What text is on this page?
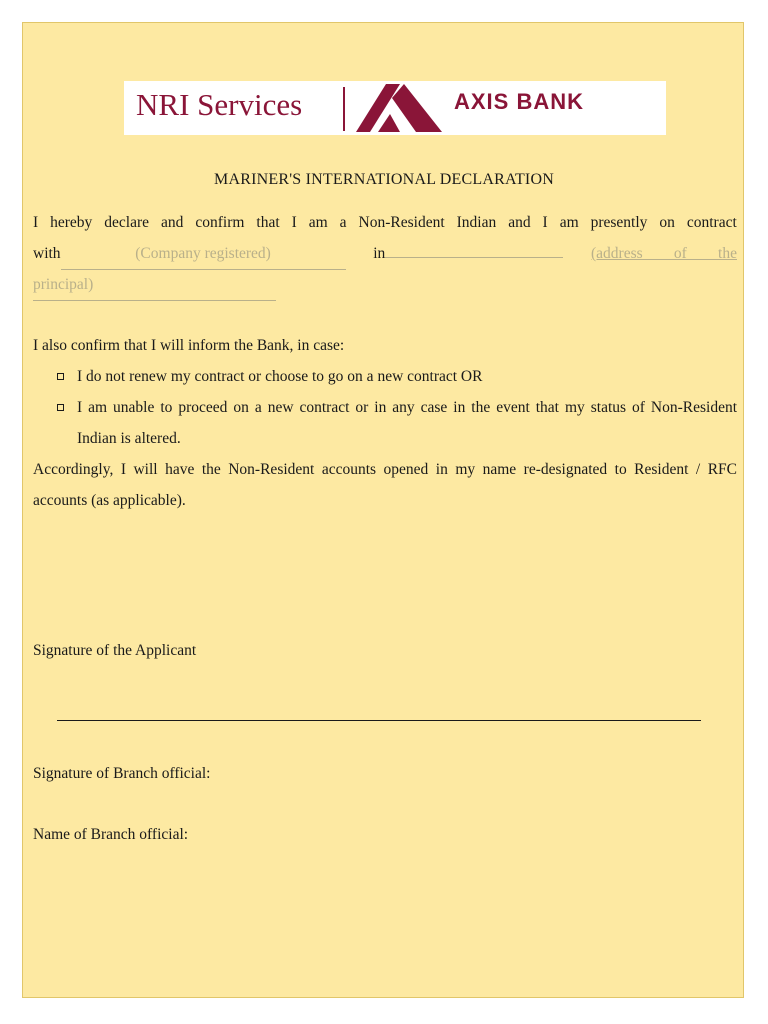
NRI Services	AXIS BANK
MARINER'S INTERNATIONAL DECLARATION
I hereby declare and confirm that I am a Non-Resident Indian and I am presently on contract
with	(Company registered)	in	(address of the
principal)
I also confirm that I will inform the Bank, in case:
I do not renew my contract or choose to go on a new contract OR
I am unable to proceed on a new contract or in any case in the event that my status of Non-Resident Indian is altered.
Accordingly, I will have the Non-Resident accounts opened in my name re-designated to Resident / RFC accounts (as applicable).
Signature of the Applicant
Signature of Branch official:
Name of Branch official:
